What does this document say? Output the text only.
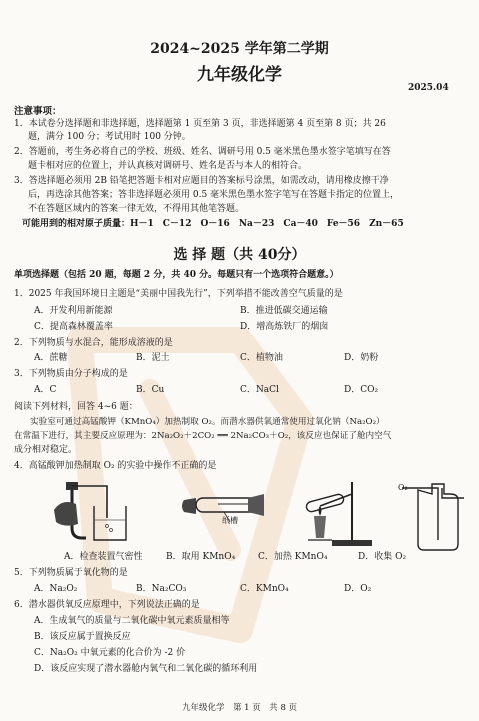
2024~2025 学年第二学期
九年级化学
2025.04
注意事项：
1．本试卷分选择题和非选择题，选择题第 1 页至第 3 页，非选择题第 4 页至第 8 页；共 26
题，满分 100 分；考试用时 100 分钟。
2．答题前，考生务必将自己的学校、班级、姓名、调研号用 0.5 毫米黑色墨水签字笔填写在答
题卡相对应的位置上，并认真核对调研号、姓名是否与本人的相符合。
3．答选择题必须用 2B 铅笔把答题卡相对应题目的答案标号涂黑，如需改动，请用橡皮擦干净
后，再选涂其他答案；答非选择题必须用 0.5 毫米黑色墨水签字笔写在答题卡指定的位置上，
不在答题区域内的答案一律无效，不得用其他笔答题。
可能用到的相对原子质量：H－1　C－12　O－16　Na－23　Ca－40　Fe－56　Zn－65
选 择 题（共 40分）
单项选择题（包括 20 题，每题 2 分，共 40 分。每题只有一个选项符合题意。）
1．2025 年我国环境日主题是“美丽中国我先行”，下列举措不能改善空气质量的是
A．开发利用新能源	B．推进低碳交通运输
C．提高森林覆盖率	D．增高炼铁厂的烟囱
2．下列物质与水混合，能形成溶液的是
A．蔗糖	B．泥土	C．植物油	D．奶粉
3．下列物质由分子构成的是
A．C	B．Cu	C．NaCl	D．CO₂
阅读下列材料，回答 4~6 题：
实验室可通过高锰酸钾（KMnO₄）加热制取 O₂。而潜水器供氧通常使用过氧化钠（Na₂O₂）
在常温下进行，其主要反应原理为：2Na₂O₂＋2CO₂ ══ 2Na₂CO₃＋O₂，该反应也保证了舱内空气
成分相对稳定。
4．高锰酸钾加热制取 O₂ 的实验中操作不正确的是
纸槽
O₂
A．检查装置气密性	B．取用 KMnO₄	C．加热 KMnO₄	D．收集 O₂
5．下列物质属于氧化物的是
A．Na₂O₂	B．Na₂CO₃	C．KMnO₄	D．O₂
6．潜水器供氧反应原理中，下列说法正确的是
A．生成氧气的质量与二氧化碳中氧元素质量相等
B．该反应属于置换反应
C．Na₂O₂ 中氧元素的化合价为 -2 价
D．该反应实现了潜水器舱内氧气和二氧化碳的循环利用
九年级化学　第 1 页　共 8 页
